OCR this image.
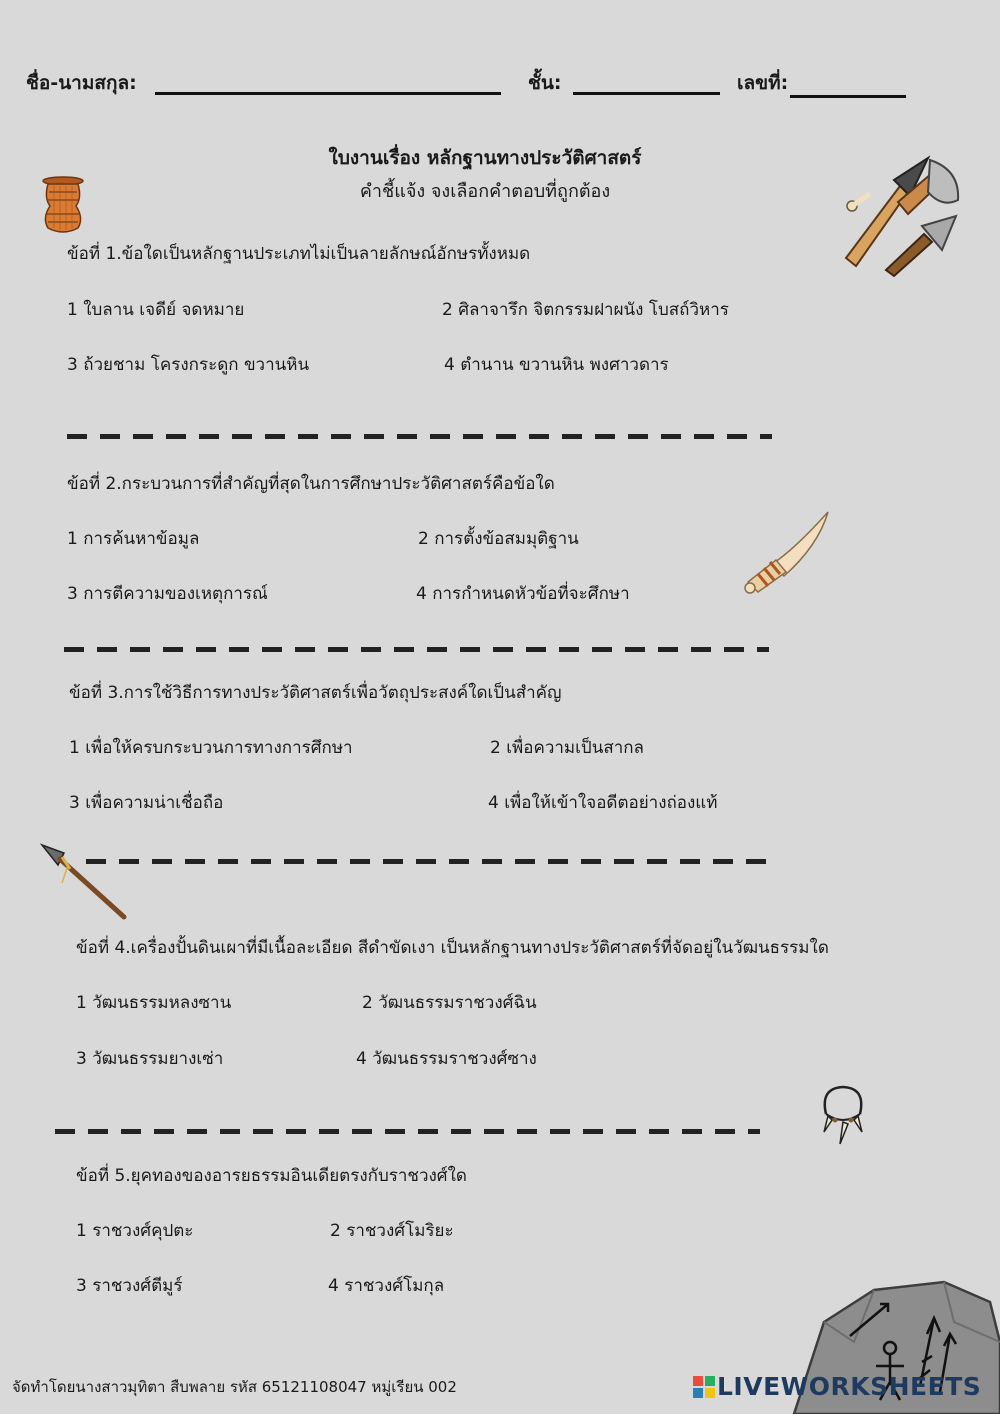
ชื่อ-นามสกุล:	ชั้น:	เลขที่:
ใบงานเรื่อง หลักฐานทางประวัติศาสตร์
คำชี้แจ้ง จงเลือกคำตอบที่ถูกต้อง
ข้อที่ 1.ข้อใดเป็นหลักฐานประเภทไม่เป็นลายลักษณ์อักษรทั้งหมด
1 ใบลาน เจดีย์ จดหมาย	2 ศิลาจารึก จิตกรรมฝาผนัง โบสถ์วิหาร
3 ถ้วยชาม โครงกระดูก ขวานหิน	4 ตำนาน ขวานหิน พงศาวดาร
ข้อที่ 2.กระบวนการที่สำคัญที่สุดในการศึกษาประวัติศาสตร์คือข้อใด
1 การค้นหาข้อมูล	2 การตั้งข้อสมมุติฐาน
3 การตีความของเหตุการณ์	4 การกำหนดหัวข้อที่จะศึกษา
ข้อที่ 3.การใช้วิธีการทางประวัติศาสตร์เพื่อวัตถุประสงค์ใดเป็นสำคัญ
1 เพื่อให้ครบกระบวนการทางการศึกษา	2 เพื่อความเป็นสากล
3 เพื่อความน่าเชื่อถือ	4 เพื่อให้เข้าใจอดีตอย่างถ่องแท้
ข้อที่ 4.เครื่องปั้นดินเผาที่มีเนื้อละเอียด สีดำขัดเงา เป็นหลักฐานทางประวัติศาสตร์ที่จัดอยู่ในวัฒนธรรมใด
1 วัฒนธรรมหลงซาน	2 วัฒนธรรมราชวงศ์ฉิน
3 วัฒนธรรมยางเซ่า	4 วัฒนธรรมราชวงศ์ซาง
ข้อที่ 5.ยุคทองของอารยธรรมอินเดียตรงกับราชวงศ์ใด
1 ราชวงศ์คุปตะ	2 ราชวงศ์โมริยะ
3 ราชวงศ์ตีมูร์	4 ราชวงศ์โมกุล
จัดทำโดยนางสาวมุทิตา สืบพลาย รหัส 65121108047 หมู่เรียน 002	LIVEWORKSHEETS
